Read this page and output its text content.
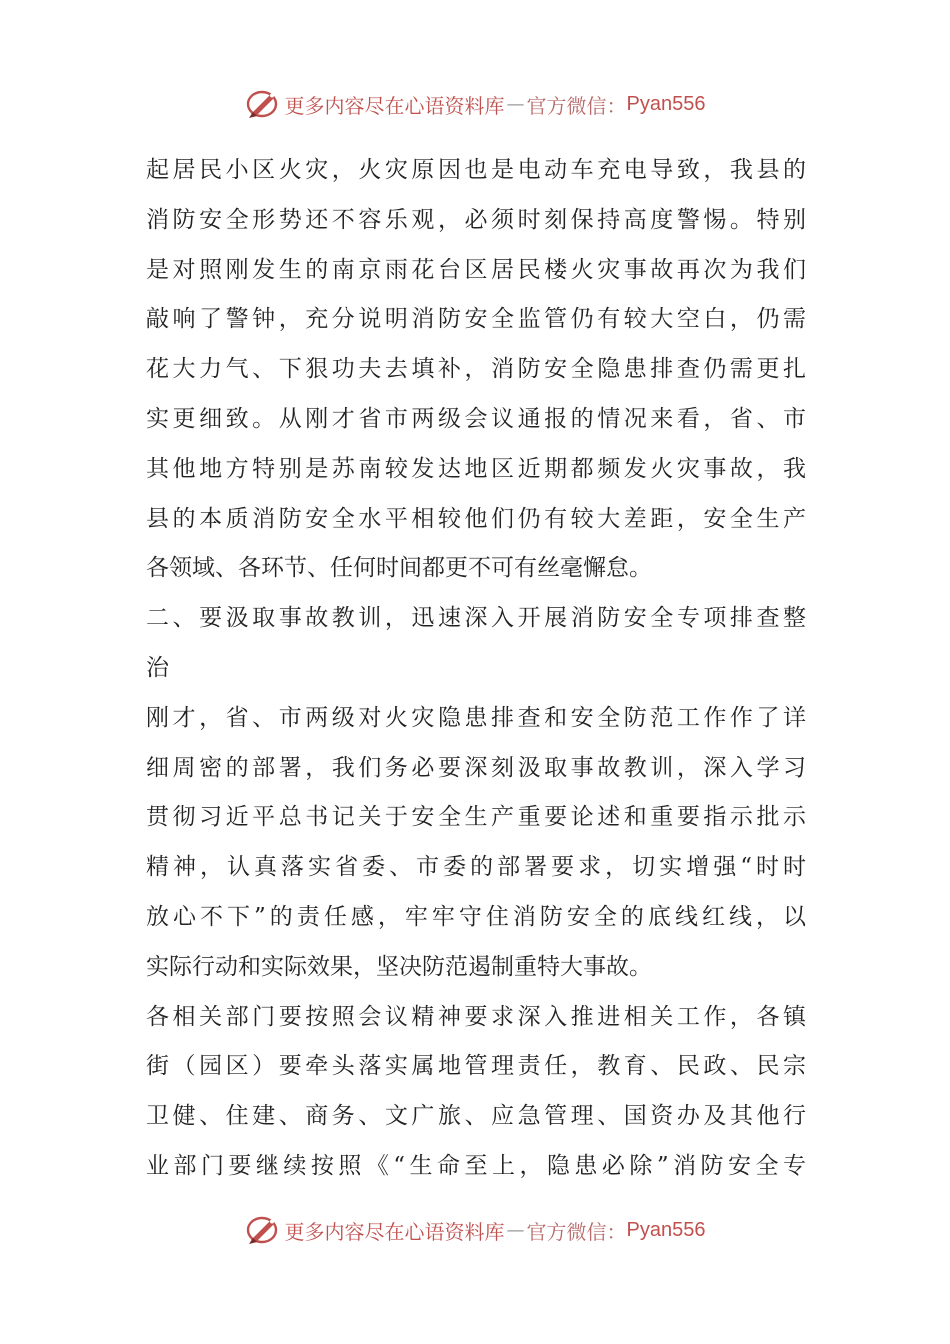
更多内容尽在心语资料库 — 官方微信： Pyan556
起居民小区火灾，火灾原因也是电动车充电导致，我县的
消防安全形势还不容乐观，必须时刻保持高度警惕。特别
是对照刚发生的南京雨花台区居民楼火灾事故再次为我们
敲响了警钟，充分说明消防安全监管仍有较大空白，仍需
花大力气、下狠功夫去填补，消防安全隐患排查仍需更扎
实更细致。从刚才省市两级会议通报的情况来看，省、市
其他地方特别是苏南较发达地区近期都频发火灾事故，我
县的本质消防安全水平相较他们仍有较大差距，安全生产
各领域、各环节、任何时间都更不可有丝毫懈怠。
二、要汲取事故教训，迅速深入开展消防安全专项排查整
治
刚才，省、市两级对火灾隐患排查和安全防范工作作了详
细周密的部署，我们务必要深刻汲取事故教训，深入学习
贯彻习近平总书记关于安全生产重要论述和重要指示批示
精神，认真落实省委、市委的部署要求，切实增强“时时
放心不下”的责任感，牢牢守住消防安全的底线红线，以
实际行动和实际效果，坚决防范遏制重特大事故。
各相关部门要按照会议精神要求深入推进相关工作，各镇
街（园区）要牵头落实属地管理责任，教育、民政、民宗
卫健、住建、商务、文广旅、应急管理、国资办及其他行
业部门要继续按照《“生命至上，隐患必除”消防安全专
更多内容尽在心语资料库 — 官方微信： Pyan556
